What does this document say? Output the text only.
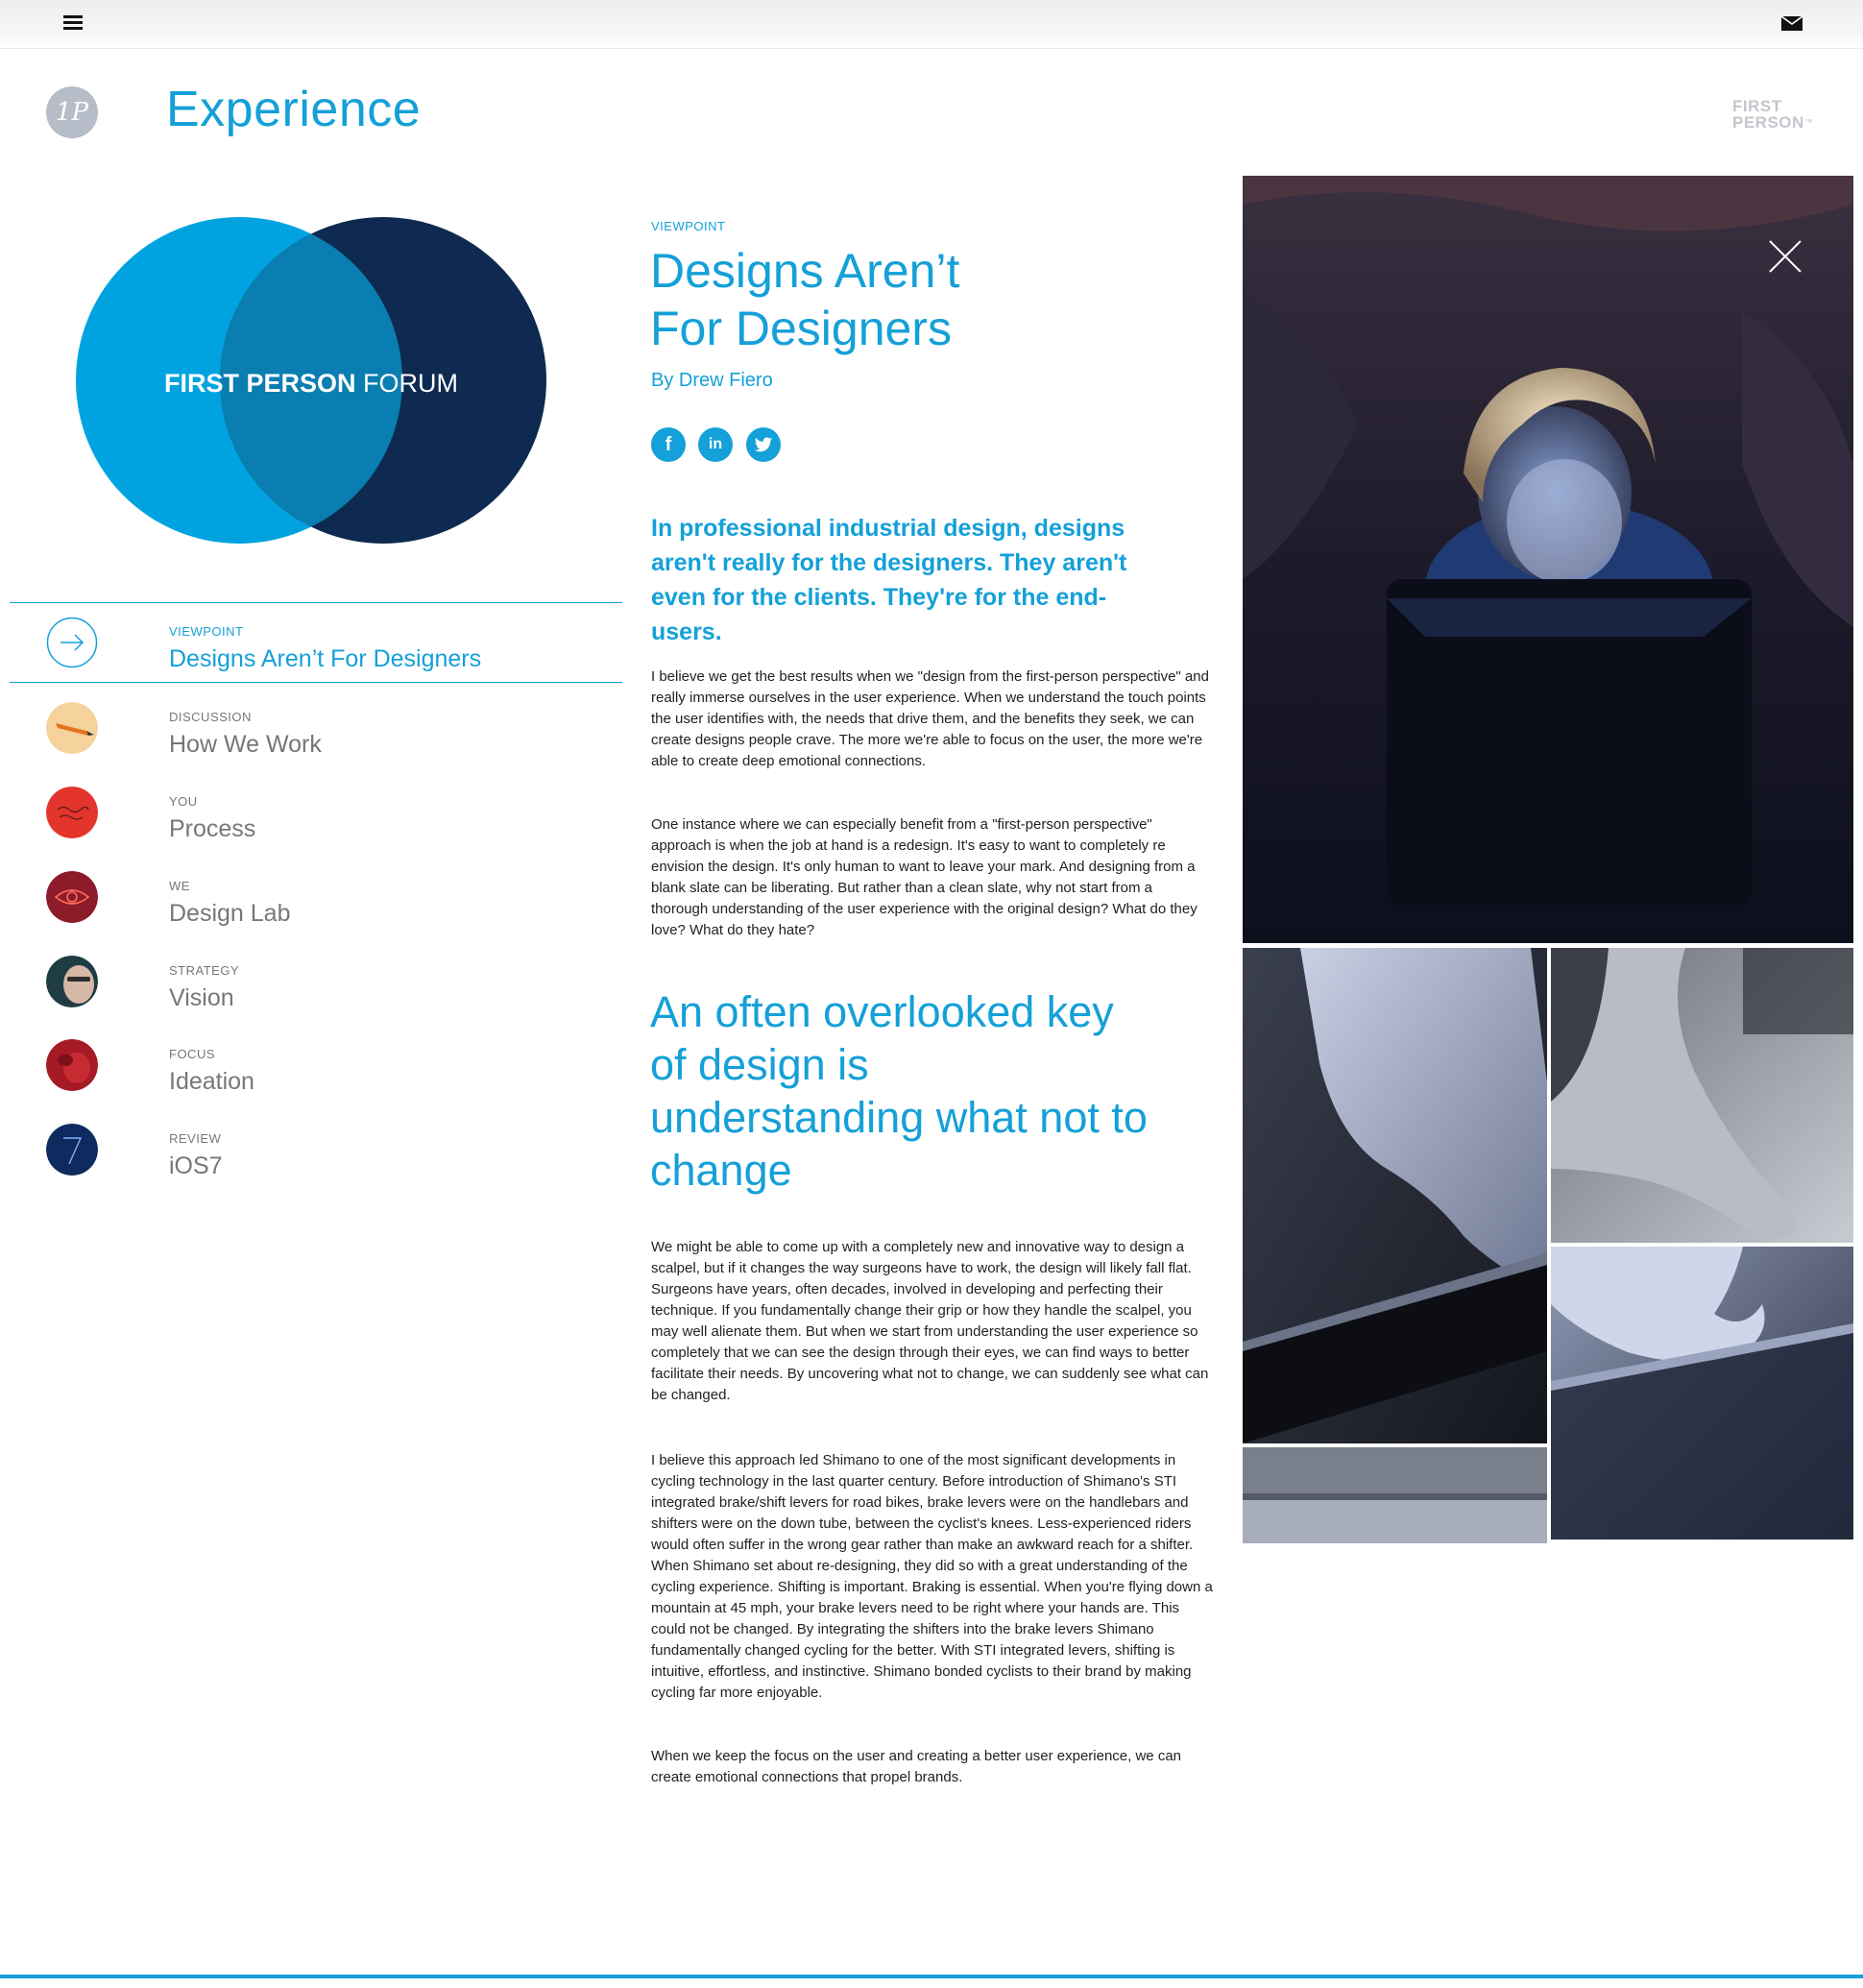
1P Experience	FIRST
PERSON™

FIRST PERSON FORUM

VIEWPOINT
Designs Aren’t For Designers
DISCUSSION
How We Work
YOU
Process
WE
Design Lab
STRATEGY
Vision
FOCUS
Ideation
REVIEW
iOS7
VIEWPOINT
Designs Aren’t
For Designers
By Drew Fiero
f	in

In professional industrial design, designs aren't really for the designers. They aren't even for the clients. They're for the end-users.

I believe we get the best results when we "design from the first-person perspective" and really immerse ourselves in the user experience. When we understand the touch points the user identifies with, the needs that drive them, and the benefits they seek, we can create designs people crave. The more we're able to focus on the user, the more we're able to create deep emotional connections.

One instance where we can especially benefit from a "first-person perspective" approach is when the job at hand is a redesign. It's easy to want to completely re envision the design. It's only human to want to leave your mark. And designing from a blank slate can be liberating. But rather than a clean slate, why not start from a thorough understanding of the user experience with the original design? What do they love? What do they hate?

An often overlooked key of design is understanding what not to change

We might be able to come up with a completely new and innovative way to design a scalpel, but if it changes the way surgeons have to work, the design will likely fall flat. Surgeons have years, often decades, involved in developing and perfecting their technique. If you fundamentally change their grip or how they handle the scalpel, you may well alienate them. But when we start from understanding the user experience so completely that we can see the design through their eyes, we can find ways to better facilitate their needs. By uncovering what not to change, we can suddenly see what can be changed.

I believe this approach led Shimano to one of the most significant developments in cycling technology in the last quarter century. Before introduction of Shimano's STI integrated brake/shift levers for road bikes, brake levers were on the handlebars and shifters were on the down tube, between the cyclist's knees. Less-experienced riders would often suffer in the wrong gear rather than make an awkward reach for a shifter. When Shimano set about re-designing, they did so with a great understanding of the cycling experience. Shifting is important. Braking is essential. When you're flying down a mountain at 45 mph, your brake levers need to be right where your hands are. This could not be changed. By integrating the shifters into the brake levers Shimano fundamentally changed cycling for the better. With STI integrated levers, shifting is intuitive, effortless, and instinctive. Shimano bonded cyclists to their brand by making cycling far more enjoyable.

When we keep the focus on the user and creating a better user experience, we can create emotional connections that propel brands.
